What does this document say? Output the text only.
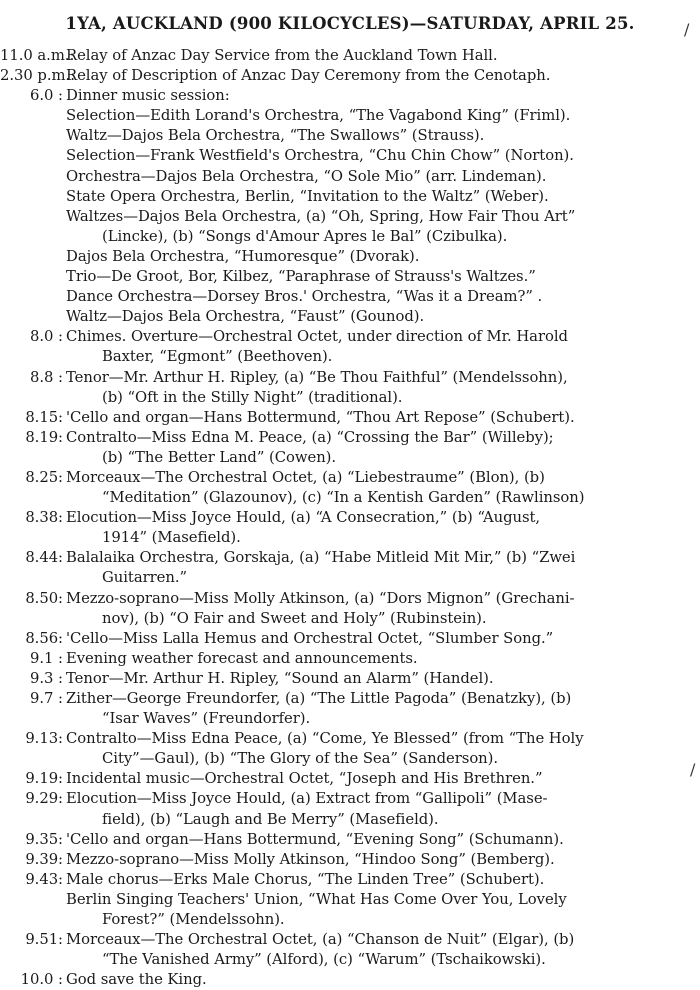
1YA, AUCKLAND (900 KILOCYCLES)—SATURDAY, APRIL 25.
11.0 a.m.:
Relay of Anzac Day Service from the Auckland Town Hall.
2.30 p.m.:
Relay of Description of Anzac Day Ceremony from the Cenotaph.
6.0 : Dinner music session:
Selection—Edith Lorand's Orchestra, “The Vagabond King” (Friml).
Waltz—Dajos Bela Orchestra, “The Swallows” (Strauss).
Selection—Frank Westfield's Orchestra, “Chu Chin Chow” (Norton).
Orchestra—Dajos Bela Orchestra, “O Sole Mio” (arr. Lindeman).
State Opera Orchestra, Berlin, “Invitation to the Waltz” (Weber).
Waltzes—Dajos Bela Orchestra, (a) “Oh, Spring, How Fair Thou Art”
(Lincke), (b) “Songs d'Amour Apres le Bal” (Czibulka).
Dajos Bela Orchestra, “Humoresque” (Dvorak).
Trio—De Groot, Bor, Kilbez, “Paraphrase of Strauss's Waltzes.”
Dance Orchestra—Dorsey Bros.' Orchestra, “Was it a Dream?” .
Waltz—Dajos Bela Orchestra, “Faust” (Gounod).
8.0 : Chimes. Overture—Orchestral Octet, under direction of Mr. Harold
Baxter, “Egmont” (Beethoven).
8.8 : Tenor—Mr. Arthur H. Ripley, (a) “Be Thou Faithful” (Mendelssohn),
(b) “Oft in the Stilly Night” (traditional).
8.15: 'Cello and organ—Hans Bottermund, “Thou Art Repose” (Schubert).
8.19: Contralto—Miss Edna M. Peace, (a) “Crossing the Bar” (Willeby);
(b) “The Better Land” (Cowen).
8.25: Morceaux—The Orchestral Octet, (a) “Liebestraume” (Blon), (b)
“Meditation” (Glazounov), (c) “In a Kentish Garden” (Rawlinson)
8.38: Elocution—Miss Joyce Hould, (a) “A Consecration,” (b) “August,
1914” (Masefield).
8.44: Balalaika Orchestra, Gorskaja, (a) “Habe Mitleid Mit Mir,” (b) “Zwei
Guitarren.”
8.50: Mezzo-soprano—Miss Molly Atkinson, (a) “Dors Mignon” (Grechani-
nov), (b) “O Fair and Sweet and Holy” (Rubinstein).
8.56: 'Cello—Miss Lalla Hemus and Orchestral Octet, “Slumber Song.”
9.1 : Evening weather forecast and announcements.
9.3 : Tenor—Mr. Arthur H. Ripley, “Sound an Alarm” (Handel).
9.7 : Zither—George Freundorfer, (a) “The Little Pagoda” (Benatzky), (b)
“Isar Waves” (Freundorfer).
9.13: Contralto—Miss Edna Peace, (a) “Come, Ye Blessed” (from “The Holy
City”—Gaul), (b) “The Glory of the Sea” (Sanderson).
9.19: Incidental music—Orchestral Octet, “Joseph and His Brethren.”
9.29: Elocution—Miss Joyce Hould, (a) Extract from “Gallipoli” (Mase-
field), (b) “Laugh and Be Merry” (Masefield).
9.35: 'Cello and organ—Hans Bottermund, “Evening Song” (Schumann).
9.39: Mezzo-soprano—Miss Molly Atkinson, “Hindoo Song” (Bemberg).
9.43: Male chorus—Erks Male Chorus, “The Linden Tree” (Schubert).
Berlin Singing Teachers' Union, “What Has Come Over You, Lovely
Forest?” (Mendelssohn).
9.51: Morceaux—The Orchestral Octet, (a) “Chanson de Nuit” (Elgar), (b)
“The Vanished Army” (Alford), (c) “Warum” (Tschaikowski).
10.0 : God save the King.
/
/
